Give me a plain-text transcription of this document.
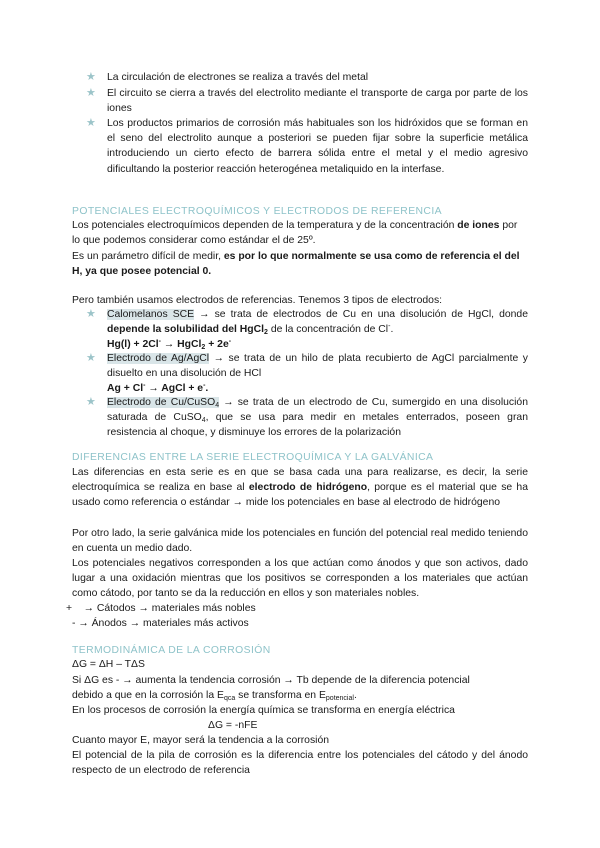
★ La circulación de electrones se realiza a través del metal
★ El circuito se cierra a través del electrolito mediante el transporte de carga por parte de los iones
★ Los productos primarios de corrosión más habituales son los hidróxidos que se forman en el seno del electrolito aunque a posteriori se pueden fijar sobre la superficie metálica introduciendo un cierto efecto de barrera sólida entre el metal y el medio agresivo dificultando la posterior reacción heterogénea metaliquido en la interfase.
POTENCIALES ELECTROQUÍMICOS Y ELECTRODOS DE REFERENCIA
Los potenciales electroquímicos dependen de la temperatura y de la concentración de iones por lo que podemos considerar como estándar el de 25º.
Es un parámetro difícil de medir, es por lo que normalmente se usa como de referencia el del H, ya que posee potencial 0.
Pero también usamos electrodos de referencias. Tenemos 3 tipos de electrodos:
★ Calomelanos SCE → se trata de electrodos de Cu en una disolución de HgCl, donde depende la solubilidad del HgCl$_2$ de la concentración de Cl-.
Hg(l) + 2Cl- → HgCl$_2$ + 2e-
★ Electrodo de Ag/AgCl → se trata de un hilo de plata recubierto de AgCl parcialmente y disuelto en una disolución de HCl
Ag + Cl- → AgCl + e-.
★ Electrodo de Cu/CuSO$_4$ → se trata de un electrodo de Cu, sumergido en una disolución saturada de CuSO$_4$, que se usa para medir en metales enterrados, poseen gran resistencia al choque, y disminuye los errores de la polarización
DIFERENCIAS ENTRE LA SERIE ELECTROQUÍMICA Y LA GALVÁNICA
Las diferencias en esta serie es en que se basa cada una para realizarse, es decir, la serie electroquímica se realiza en base al electrodo de hidrógeno, porque es el material que se ha usado como referencia o estándar → mide los potenciales en base al electrodo de hidrógeno
Por otro lado, la serie galvánica mide los potenciales en función del potencial real medido teniendo en cuenta un medio dado.
Los potenciales negativos corresponden a los que actúan como ánodos y que son activos, dado lugar a una oxidación mientras que los positivos se corresponden a los materiales que actúan como cátodo, por tanto se da la reducción en ellos y son materiales nobles.
+    → Cátodos → materiales más nobles
- → Ánodos → materiales más activos
TERMODINÁMICA DE LA CORROSIÓN
ΔG = ΔH – TΔS
Si ΔG es - → aumenta la tendencia corrosión → Tb depende de la diferencia potencial
debido a que en la corrosión la $E_{qca}$ se transforma en $E_{potencial}$.
En los procesos de corrosión la energía química se transforma en energía eléctrica
ΔG = -nFE
Cuanto mayor E, mayor será la tendencia a la corrosión
El potencial de la pila de corrosión es la diferencia entre los potenciales del cátodo y del ánodo respecto de un electrodo de referencia
